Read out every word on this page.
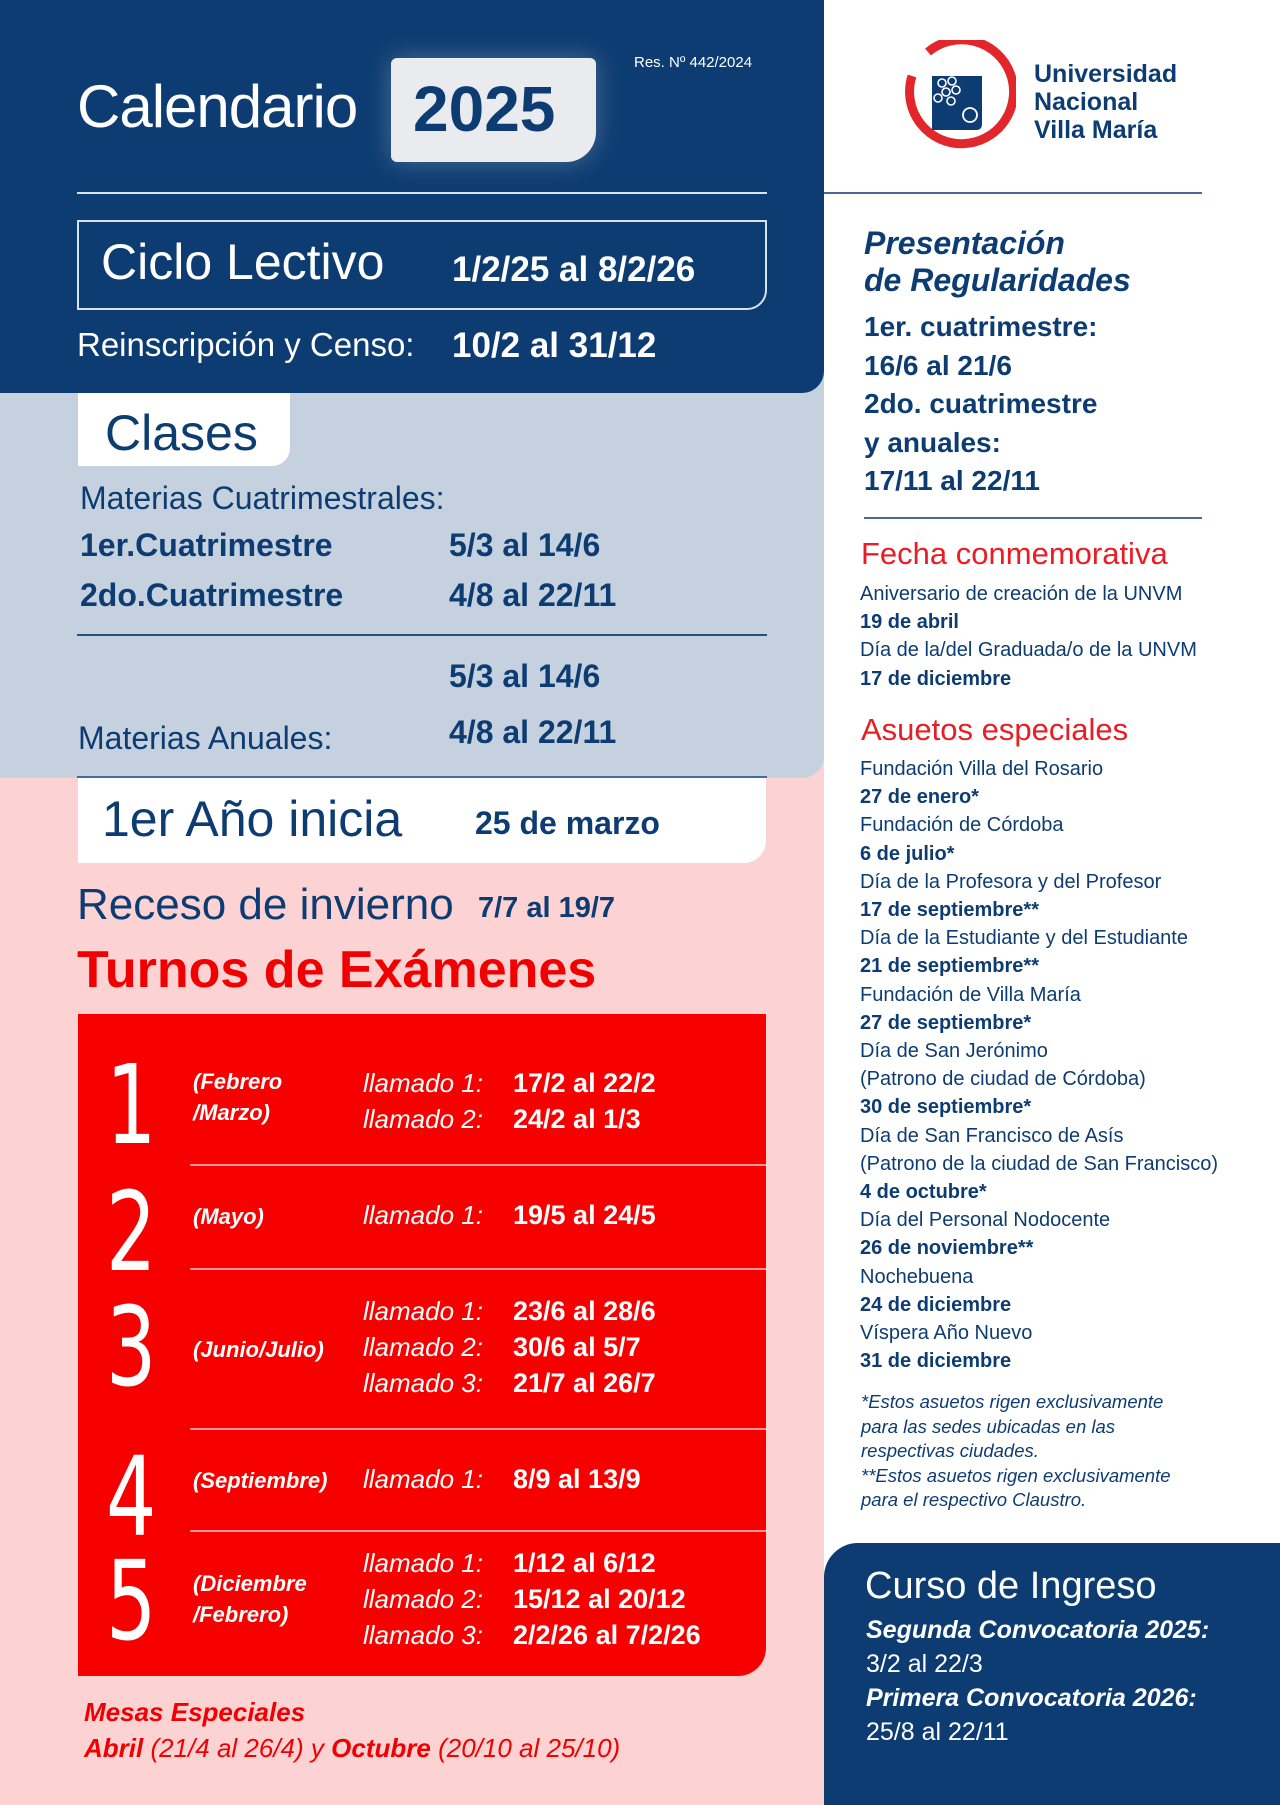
Res. Nº 442/2024
Calendario 2025
Ciclo Lectivo 1/2/25 al 8/2/26
Reinscripción y Censo: 10/2 al 31/12
Clases
Materias Cuatrimestrales:
1er.Cuatrimestre	5/3 al 14/6
2do.Cuatrimestre	4/8 al 22/11
5/3 al 14/6
Materias Anuales:	4/8 al 22/11
1er Año inicia 25 de marzo
Receso de invierno 7/7 al 19/7
Turnos de Exámenes
1 (Febrero
/Marzo)
llamado 1: 17/2 al 22/2
llamado 2: 24/2 al 1/3
2 (Mayo)	llamado 1: 19/5 al 24/5
3 (Junio/Julio)
llamado 1: 23/6 al 28/6
llamado 2: 30/6 al 5/7
llamado 3: 21/7 al 26/7
4 (Septiembre) llamado 1: 8/9 al 13/9
5 (Diciembre
/Febrero)
llamado 1: 1/12 al 6/12
llamado 2: 15/12 al 20/12
llamado 3: 2/2/26 al 7/2/26
Mesas Especiales
Abril (21/4 al 26/4) y Octubre (20/10 al 25/10)
Universidad
Nacional
Villa María
Presentación
de Regularidades
1er. cuatrimestre:
16/6 al 21/6
2do. cuatrimestre
y anuales:
17/11 al 22/11
Fecha conmemorativa
Aniversario de creación de la UNVM
19 de abril
Día de la/del Graduada/o de la UNVM
17 de diciembre
Asuetos especiales
Fundación Villa del Rosario
27 de enero*
Fundación de Córdoba
6 de julio*
Día de la Profesora y del Profesor
17 de septiembre**
Día de la Estudiante y del Estudiante
21 de septiembre**
Fundación de Villa María
27 de septiembre*
Día de San Jerónimo
(Patrono de ciudad de Córdoba)
30 de septiembre*
Día de San Francisco de Asís
(Patrono de la ciudad de San Francisco)
4 de octubre*
Día del Personal Nodocente
26 de noviembre**
Nochebuena
24 de diciembre
Víspera Año Nuevo
31 de diciembre
*Estos asuetos rigen exclusivamente
para las sedes ubicadas en las
respectivas ciudades.
**Estos asuetos rigen exclusivamente
para el respectivo Claustro.
Curso de Ingreso
Segunda Convocatoria 2025:
3/2 al 22/3
Primera Convocatoria 2026:
25/8 al 22/11
